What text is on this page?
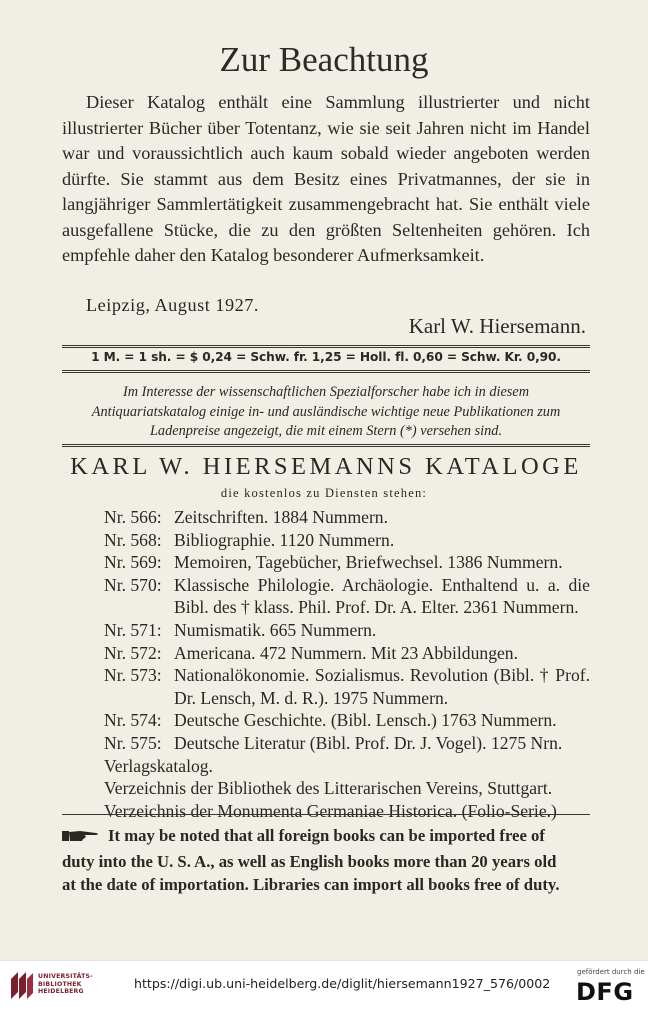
Zur Beachtung

Dieser Katalog enthält eine Sammlung illustrierter und nicht illustrierter Bücher über Totentanz, wie sie seit Jahren nicht im Handel war und voraussichtlich auch kaum sobald wieder angeboten werden dürfte. Sie stammt aus dem Besitz eines Privatmannes, der sie in langjähriger Sammlertätigkeit zusammengebracht hat. Sie enthält viele ausgefallene Stücke, die zu den größten Seltenheiten gehören. Ich empfehle daher den Katalog besonderer Aufmerksamkeit.

Leipzig, August 1927.
Karl W. Hiersemann.
1 M. = 1 sh. = $ 0,24 = Schw. fr. 1,25 = Holl. fl. 0,60 = Schw. Kr. 0,90.
Im Interesse der wissenschaftlichen Spezialforscher habe ich in diesem
Antiquariatskatalog einige in- und ausländische wichtige neue Publikationen zum
Ladenpreise angezeigt, die mit einem Stern (*) versehen sind.
KARL W. HIERSEMANNS KATALOGE
die kostenlos zu Diensten stehen:
Nr. 566: Zeitschriften. 1884 Nummern.
Nr. 568: Bibliographie. 1120 Nummern.
Nr. 569: Memoiren, Tagebücher, Briefwechsel. 1386 Nummern.
Nr. 570: Klassische Philologie. Archäologie. Enthaltend u. a. die Bibl. des † klass. Phil. Prof. Dr. A. Elter. 2361 Nummern.
Nr. 571: Numismatik. 665 Nummern.
Nr. 572: Americana. 472 Nummern. Mit 23 Abbildungen.
Nr. 573: Nationalökonomie. Sozialismus. Revolution (Bibl. † Prof. Dr. Lensch, M. d. R.). 1975 Nummern.
Nr. 574: Deutsche Geschichte. (Bibl. Lensch.) 1763 Nummern.
Nr. 575: Deutsche Literatur (Bibl. Prof. Dr. J. Vogel). 1275 Nrn.
Verlagskatalog.
Verzeichnis der Bibliothek des Litterarischen Vereins, Stuttgart.
Verzeichnis der Monumenta Germaniae Historica. (Folio-Serie.)
It may be noted that all foreign books can be imported free of
duty into the U. S. A., as well as English books more than 20 years old
at the date of importation. Libraries can import all books free of duty.
UNIVERSITÄTS-
BIBLIOTHEK
HEIDELBERG
https://digi.ub.uni-heidelberg.de/diglit/hiersemann1927_576/0002
gefördert durch die
DFG
